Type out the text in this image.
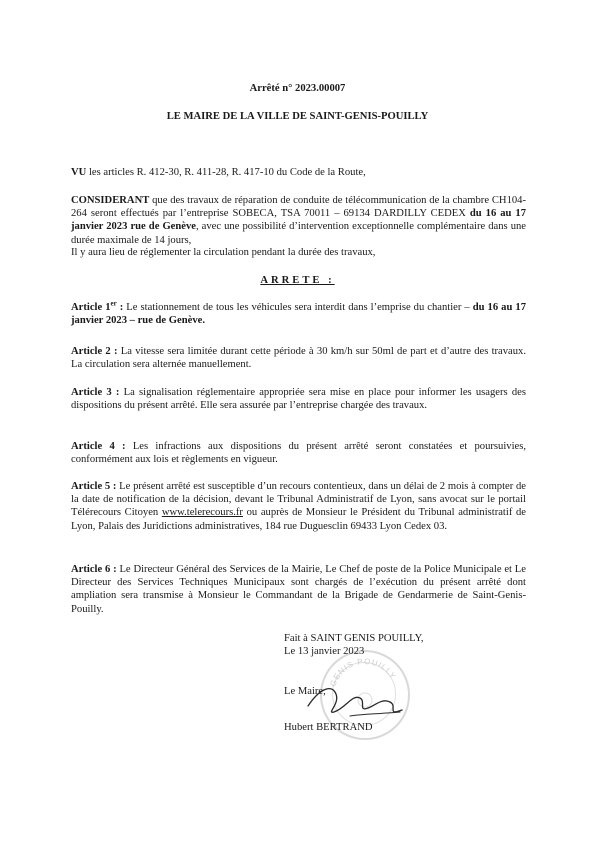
Arrêté n° 2023.00007
LE MAIRE DE LA VILLE DE SAINT-GENIS-POUILLY
VU les articles R. 412-30, R. 411-28, R. 417-10 du Code de la Route,
CONSIDERANT que des travaux de réparation de conduite de télécommunication de la chambre CH104-264 seront effectués par l’entreprise SOBECA, TSA 70011 – 69134 DARDILLY CEDEX du 16 au 17 janvier 2023 rue de Genève, avec une possibilité d’intervention exceptionnelle complémentaire dans une durée maximale de 14 jours,
Il y aura lieu de réglementer la circulation pendant la durée des travaux,
ARRETE :
Article 1er : Le stationnement de tous les véhicules sera interdit dans l’emprise du chantier – du 16 au 17 janvier 2023 – rue de Genève.
Article 2 : La vitesse sera limitée durant cette période à 30 km/h sur 50ml de part et d’autre des travaux. La circulation sera alternée manuellement.
Article 3 : La signalisation réglementaire appropriée sera mise en place pour informer les usagers des dispositions du présent arrêté. Elle sera assurée par l’entreprise chargée des travaux.
Article 4 : Les infractions aux dispositions du présent arrêté seront constatées et poursuivies, conformément aux lois et règlements en vigueur.
Article 5 : Le présent arrêté est susceptible d’un recours contentieux, dans un délai de 2 mois à compter de la date de notification de la décision, devant le Tribunal Administratif de Lyon, sans avocat sur le portail Télérecours Citoyen www.telerecours.fr ou auprès de Monsieur le Président du Tribunal administratif de Lyon, Palais des Juridictions administratives, 184 rue Duguesclin 69433 Lyon Cedex 03.
Article 6 : Le Directeur Général des Services de la Mairie, Le Chef de poste de la Police Municipale et Le Directeur des Services Techniques Municipaux sont chargés de l’exécution du présent arrêté dont ampliation sera transmise à Monsieur le Commandant de la Brigade de Gendarmerie de Saint-Genis-Pouilly.
GENIS POUILLY
Fait à SAINT GENIS POUILLY,
Le 13 janvier 2023
Le Maire,
Hubert BERTRAND
